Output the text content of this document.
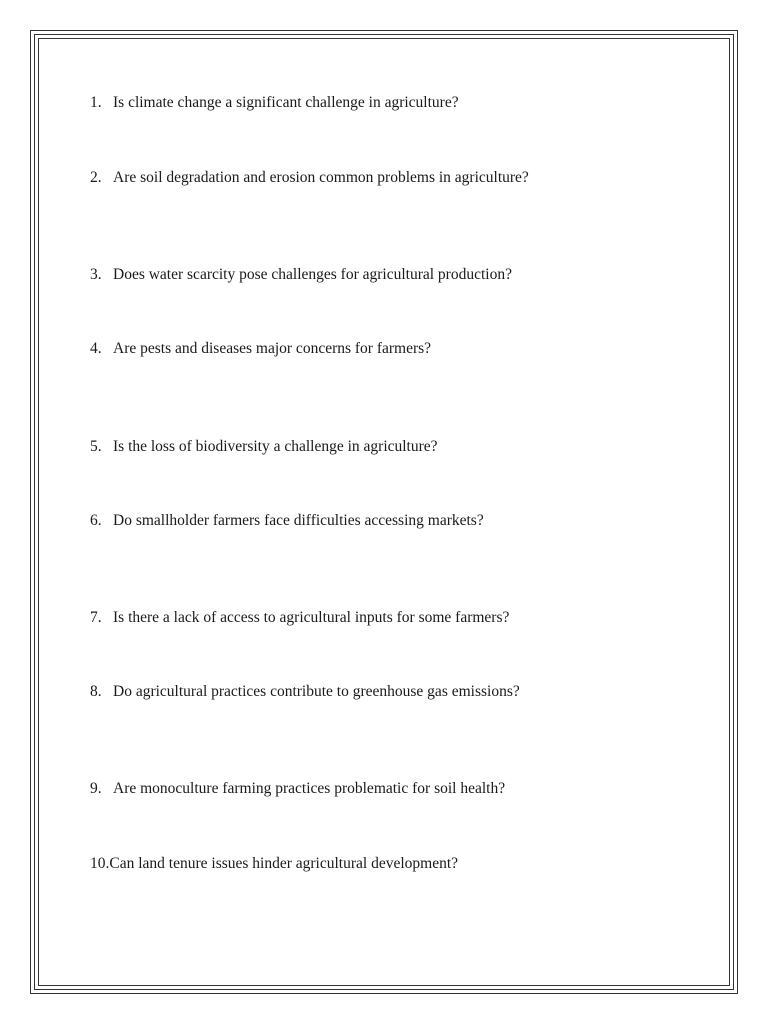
1. Is climate change a significant challenge in agriculture?
2. Are soil degradation and erosion common problems in agriculture?
3. Does water scarcity pose challenges for agricultural production?
4. Are pests and diseases major concerns for farmers?
5. Is the loss of biodiversity a challenge in agriculture?
6. Do smallholder farmers face difficulties accessing markets?
7. Is there a lack of access to agricultural inputs for some farmers?
8. Do agricultural practices contribute to greenhouse gas emissions?
9. Are monoculture farming practices problematic for soil health?
10. Can land tenure issues hinder agricultural development?
